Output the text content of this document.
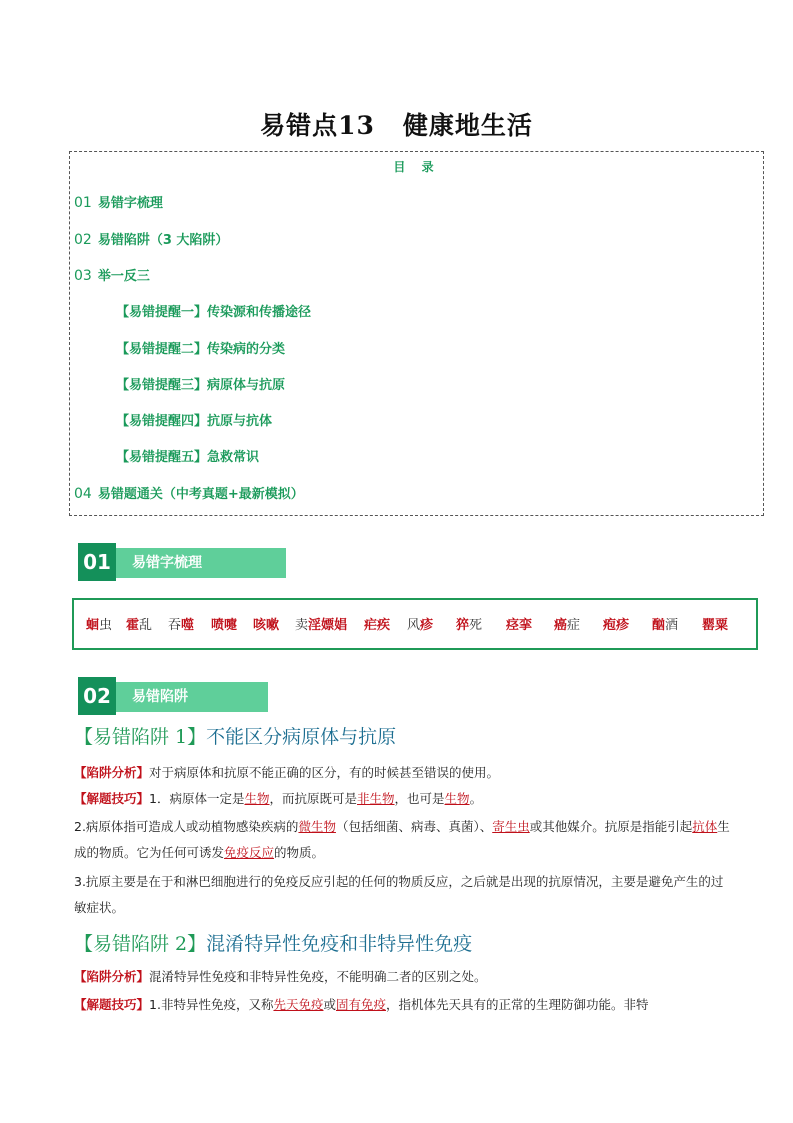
易错点13 健康地生活
目 录
01 易错字梳理
02 易错陷阱（3 大陷阱）
03 举一反三
【易错提醒一】传染源和传播途径
【易错提醒二】传染病的分类
【易错提醒三】病原体与抗原
【易错提醒四】抗原与抗体
【易错提醒五】急救常识
04 易错题通关（中考真题+最新模拟）
易错字梳理
01
蛔虫 霍乱 吞噬 喷嚏 咳嗽 卖淫嫖娼 疟疾 风疹 猝死 痉挛 癌症 疱疹 酗酒 罂粟
易错陷阱
02
【易错陷阱 1】不能区分病原体与抗原
【陷阱分析】对于病原体和抗原不能正确的区分，有的时候甚至错误的使用。
【解题技巧】1．病原体一定是生物，而抗原既可是非生物，也可是生物。
2.病原体指可造成人或动植物感染疾病的微生物（包括细菌、病毒、真菌）、寄生虫或其他媒介。抗原是指能引起抗体生成的物质。它为任何可诱发免疫反应的物质。
3.抗原主要是在于和淋巴细胞进行的免疫反应引起的任何的物质反应，之后就是出现的抗原情况，主要是避免产生的过敏症状。
【易错陷阱 2】混淆特异性免疫和非特异性免疫
【陷阱分析】混淆特异性免疫和非特异性免疫，不能明确二者的区别之处。
【解题技巧】1.非特异性免疫，又称先天免疫或固有免疫，指机体先天具有的正常的生理防御功能。非特
